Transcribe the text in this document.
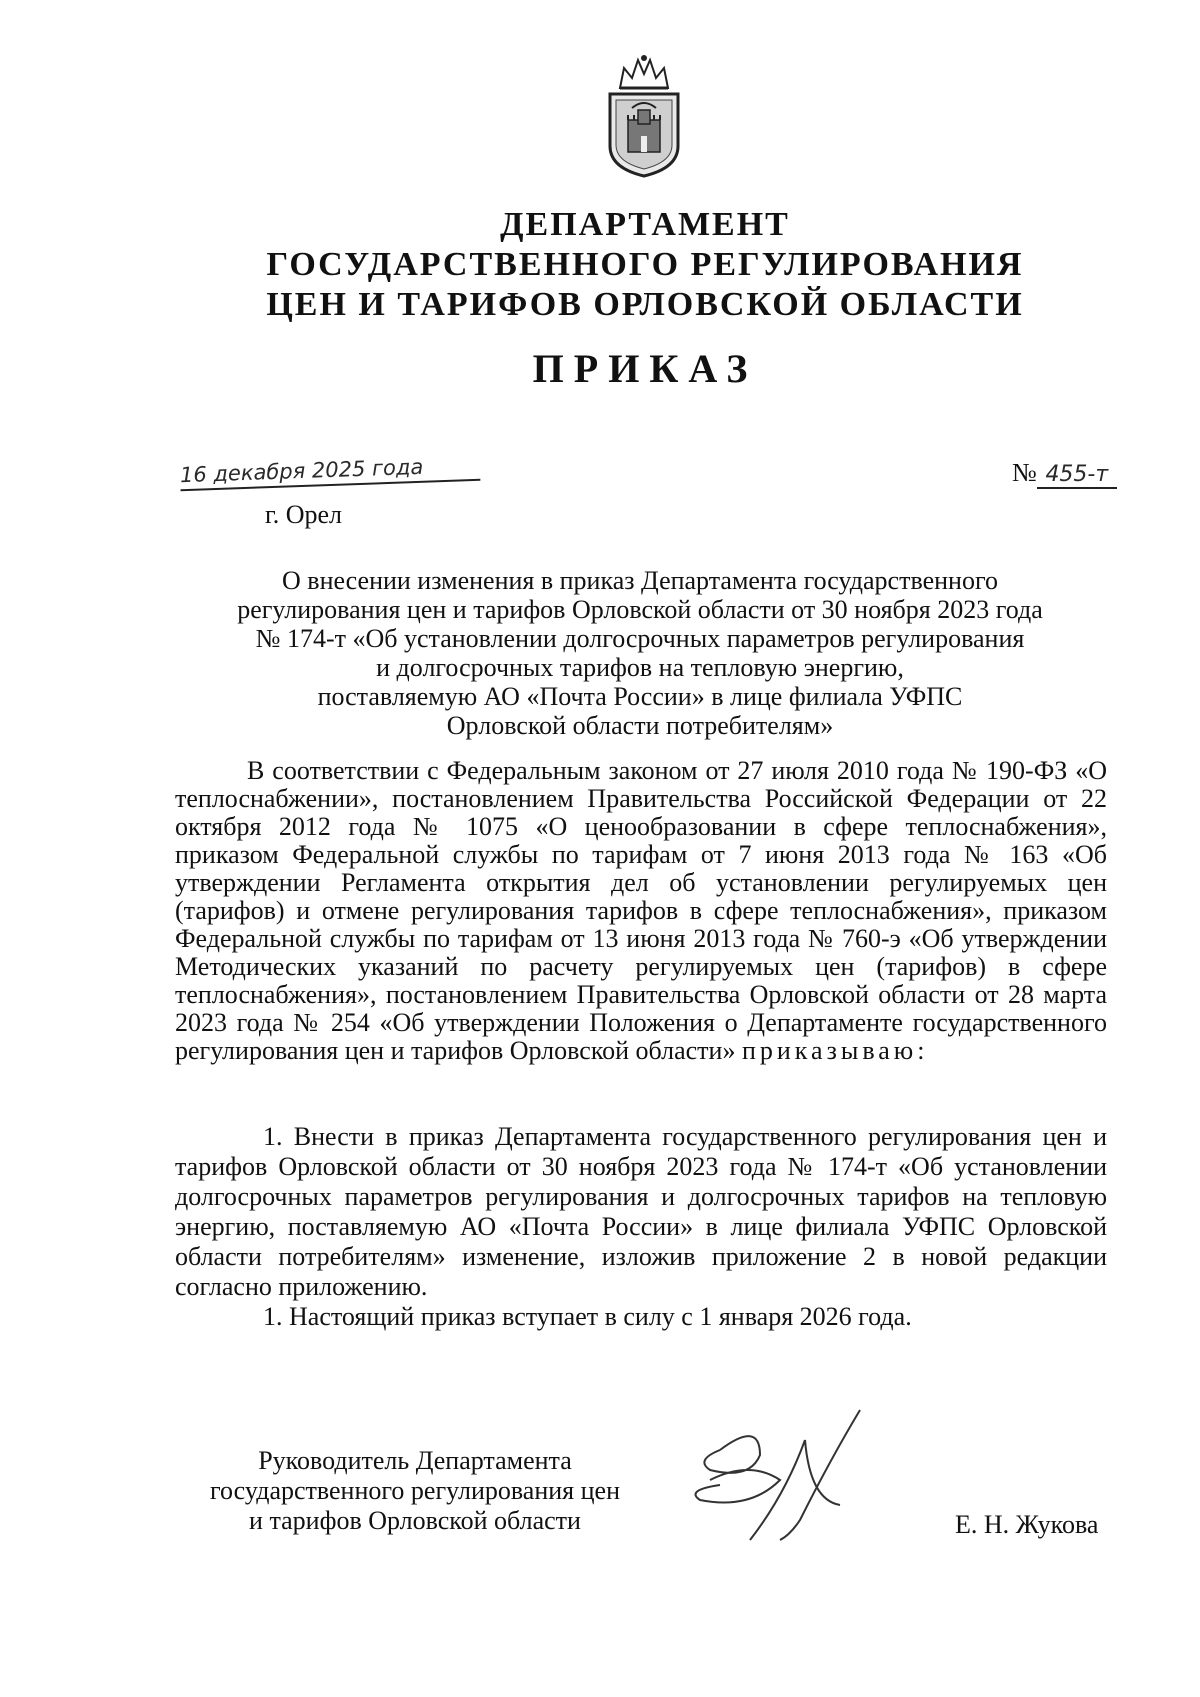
ДЕПАРТАМЕНТ
ГОСУДАРСТВЕННОГО РЕГУЛИРОВАНИЯ
ЦЕН И ТАРИФОВ ОРЛОВСКОЙ ОБЛАСТИ
ПРИКАЗ
16 декабря 2025 года	№ 455-т
г. Орел
О внесении изменения в приказ Департамента государственного
регулирования цен и тарифов Орловской области от 30 ноября 2023 года
№ 174-т «Об установлении долгосрочных параметров регулирования
и долгосрочных тарифов на тепловую энергию,
поставляемую АО «Почта России» в лице филиала УФПС
Орловской области потребителям»

В соответствии с Федеральным законом от 27 июля 2010 года № 190-ФЗ «О теплоснабжении», постановлением Правительства Российской Федерации от 22 октября 2012 года № 1075 «О ценообразовании в сфере теплоснабжения», приказом Федеральной службы по тарифам от 7 июня 2013 года № 163 «Об утверждении Регламента открытия дел об установлении регулируемых цен (тарифов) и отмене регулирования тарифов в сфере теплоснабжения», приказом Федеральной службы по тарифам от 13 июня 2013 года № 760-э «Об утверждении Методических указаний по расчету регулируемых цен (тарифов) в сфере теплоснабжения», постановлением Правительства Орловской области от 28 марта 2023 года № 254 «Об утверждении Положения о Департаменте государственного регулирования цен и тарифов Орловской области» приказываю:

1. Внести в приказ Департамента государственного регулирования цен и тарифов Орловской области от 30 ноября 2023 года № 174-т «Об установлении долгосрочных параметров регулирования и долгосрочных тарифов на тепловую энергию, поставляемую АО «Почта России» в лице филиала УФПС Орловской области потребителям» изменение, изложив приложение 2 в новой редакции согласно приложению.

1. Настоящий приказ вступает в силу с 1 января 2026 года.

Руководитель Департамента
государственного регулирования цен
и тарифов Орловской области	Е. Н. Жукова
